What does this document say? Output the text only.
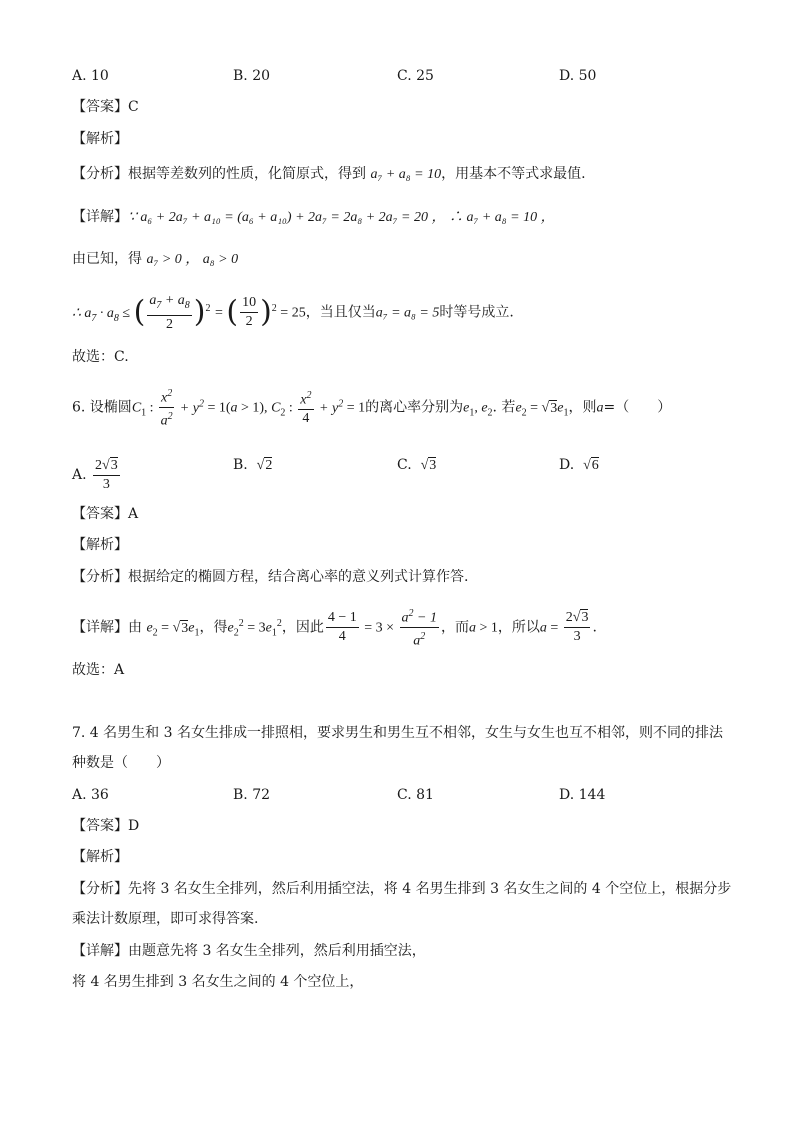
A. 10	B. 20	C. 25	D. 50
【答案】C
【解析】
【分析】根据等差数列的性质，化简原式，得到 a₇ + a₈ = 10，用基本不等式求最值.
【详解】∵ a₆ + 2a₇ + a₁₀ = (a₆ + a₁₀) + 2a₇ = 2a₈ + 2a₇ = 20 ， ∴ a₇ + a₈ = 10 ，
由已知，得 a₇ > 0 ， a₈ > 0
∴ $a_7 \cdot a_8$ ≤ ( $\frac{a_7 + a_8}{2} )^2$ = ( $\frac{10}{2} )^2 = 25$，当且仅当a₇ = a₈ = 5时等号成立.
故选：C.
6. 设椭圆$C_1$ : $\frac{x^2}{a^2} + y^2 = 1(a > 1)$, $C_2$ : $\frac{x^2}{4} + y^2 = 1$的离心率分别为$e_1$, $e_2$. 若$e_2 = √3e_1$，则a=（　　）
A. $\frac{2√3}{3}$	B. √2	C. √3	D. √6
【答案】A
【解析】
【分析】根据给定的椭圆方程，结合离心率的意义列式计算作答.
【详解】由 $e_2 = √3e_1$，得$e_2^2 = 3e_1^2$，因此 $\frac{4 - 1}{4} = 3 \times \frac{a^2 - 1}{a^2}$ ，而a > 1，所以$a = \frac{2√3}{3}$ .
故选：A
7. 4 名男生和 3 名女生排成一排照相，要求男生和男生互不相邻，女生与女生也互不相邻，则不同的排法种数是（　　）
A. 36	B. 72	C. 81	D. 144
【答案】D
【解析】
【分析】先将 3 名女生全排列，然后利用插空法，将 4 名男生排到 3 名女生之间的 4 个空位上，根据分步乘法计数原理，即可求得答案.
【详解】由题意先将 3 名女生全排列，然后利用插空法，
将 4 名男生排到 3 名女生之间的 4 个空位上，
